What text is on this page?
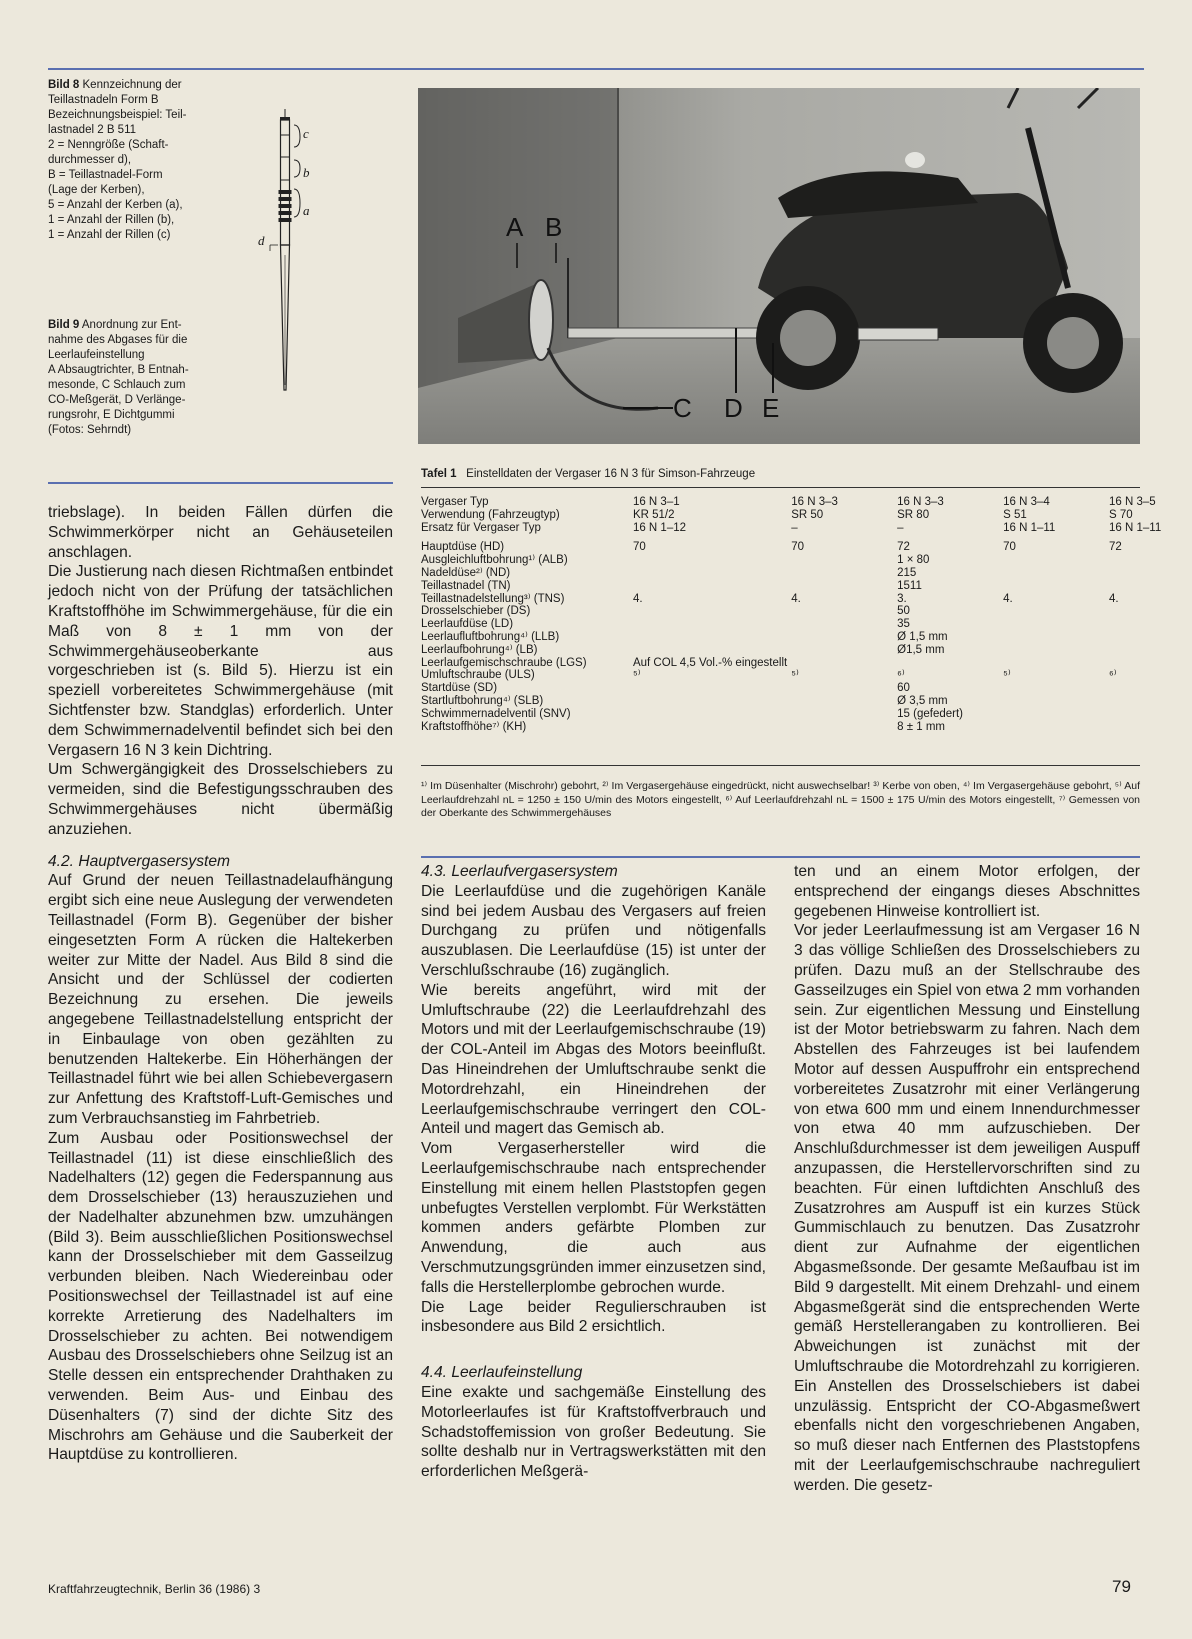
Bild 8 Kennzeichnung der
Teillastnadeln Form B
Bezeichnungsbeispiel: Teil-
lastnadel 2 B 511
2 = Nenngröße (Schaft-
durchmesser d),
B = Teillastnadel-Form
(Lage der Kerben),
5 = Anzahl der Kerben (a),
1 = Anzahl der Rillen (b),
1 = Anzahl der Rillen (c)
c
b
a
d
Bild 9 Anordnung zur Ent-
nahme des Abgases für die
Leerlaufeinstellung
A Absaugtrichter, B Entnah-
mesonde, C Schlauch zum
CO-Meßgerät, D Verlänge-
rungsrohr, E Dichtgummi
(Fotos: Sehrndt)
A B
C D E
Tafel 1 Einstelldaten der Vergaser 16 N 3 für Simson-Fahrzeuge
Vergaser Typ	16 N 3–1	16 N 3–3	16 N 3–3	16 N 3–4	16 N 3–5
Verwendung (Fahrzeugtyp)	KR 51/2	SR 50	SR 80	S 51	S 70
Ersatz für Vergaser Typ	16 N 1–12	–	–	16 N 1–11	16 N 1–11

Hauptdüse (HD)	70	70	72	70	72
Ausgleichluftbohrung¹⁾ (ALB)			1 × 80		
Nadeldüse²⁾ (ND)			215		
Teillastnadel (TN)			1511		
Teillastnadelstellung³⁾ (TNS)	4.	4.	3.	4.	4.
Drosselschieber (DS)			50		
Leerlaufdüse (LD)			35		
Leerlaufluftbohrung⁴⁾ (LLB)			Ø 1,5 mm		
Leerlaufbohrung⁴⁾ (LB)			Ø1,5 mm		
Leerlaufgemischschraube (LGS)	Auf COL 4,5 Vol.-% eingestellt				
Umluftschraube (ULS)	⁵⁾	⁵⁾	⁶⁾	⁵⁾	⁶⁾
Startdüse (SD)			60		
Startluftbohrung⁴⁾ (SLB)			Ø 3,5 mm		
Schwimmernadelventil (SNV)			15 (gefedert)		
Kraftstoffhöhe⁷⁾ (KH)			8 ± 1 mm		
¹⁾ Im Düsenhalter (Mischrohr) gebohrt, ²⁾ Im Vergasergehäuse eingedrückt, nicht auswechselbar! ³⁾ Kerbe von oben, ⁴⁾ Im Vergasergehäuse gebohrt, ⁵⁾ Auf Leerlaufdrehzahl nL = 1250 ± 150 U/min des Motors eingestellt, ⁶⁾ Auf Leerlaufdrehzahl nL = 1500 ± 175 U/min des Motors eingestellt, ⁷⁾ Gemessen von der Oberkante des Schwimmergehäuses

triebslage). In beiden Fällen dürfen die Schwimmerkörper nicht an Gehäuseteilen anschlagen.

Die Justierung nach diesen Richtmaßen entbindet jedoch nicht von der Prüfung der tatsächlichen Kraftstoffhöhe im Schwimmergehäuse, für die ein Maß von 8 ± 1 mm von der Schwimmergehäuseoberkante aus vorgeschrieben ist (s. Bild 5). Hierzu ist ein speziell vorbereitetes Schwimmergehäuse (mit Sichtfenster bzw. Standglas) erforderlich. Unter dem Schwimmernadelventil befindet sich bei den Vergasern 16 N 3 kein Dichtring.

Um Schwergängigkeit des Drosselschiebers zu vermeiden, sind die Befestigungsschrauben des Schwimmergehäuses nicht übermäßig anzuziehen.

4.2. Hauptvergasersystem

Auf Grund der neuen Teillastnadelaufhängung ergibt sich eine neue Auslegung der verwendeten Teillastnadel (Form B). Gegenüber der bisher eingesetzten Form A rücken die Haltekerben weiter zur Mitte der Nadel. Aus Bild 8 sind die Ansicht und der Schlüssel der codierten Bezeichnung zu ersehen. Die jeweils angegebene Teillastnadelstellung entspricht der in Einbaulage von oben gezählten zu benutzenden Haltekerbe. Ein Höherhängen der Teillastnadel führt wie bei allen Schiebevergasern zur Anfettung des Kraftstoff-Luft-Gemisches und zum Verbrauchsanstieg im Fahrbetrieb.

Zum Ausbau oder Positionswechsel der Teillastnadel (11) ist diese einschließlich des Nadelhalters (12) gegen die Federspannung aus dem Drosselschieber (13) herauszuziehen und der Nadelhalter abzunehmen bzw. umzuhängen (Bild 3). Beim ausschließlichen Positionswechsel kann der Drosselschieber mit dem Gasseilzug verbunden bleiben. Nach Wiedereinbau oder Positionswechsel der Teillastnadel ist auf eine korrekte Arretierung des Nadelhalters im Drosselschieber zu achten. Bei notwendigem Ausbau des Drosselschiebers ohne Seilzug ist an Stelle dessen ein entsprechender Drahthaken zu verwenden. Beim Aus- und Einbau des Düsenhalters (7) sind der dichte Sitz des Mischrohrs am Gehäuse und die Sauberkeit der Hauptdüse zu kontrollieren.

4.3. Leerlaufvergasersystem

Die Leerlaufdüse und die zugehörigen Kanäle sind bei jedem Ausbau des Vergasers auf freien Durchgang zu prüfen und nötigenfalls auszublasen. Die Leerlaufdüse (15) ist unter der Verschlußschraube (16) zugänglich.

Wie bereits angeführt, wird mit der Umluftschraube (22) die Leerlaufdrehzahl des Motors und mit der Leerlaufgemischschraube (19) der COL-Anteil im Abgas des Motors beeinflußt. Das Hineindrehen der Umluftschraube senkt die Motordrehzahl, ein Hineindrehen der Leerlaufgemischschraube verringert den COL-Anteil und magert das Gemisch ab.

Vom Vergaserhersteller wird die Leerlaufgemischschraube nach entsprechender Einstellung mit einem hellen Plaststopfen gegen unbefugtes Verstellen verplombt. Für Werkstätten kommen anders gefärbte Plomben zur Anwendung, die auch aus Verschmutzungsgründen immer einzusetzen sind, falls die Herstellerplombe gebrochen wurde.

Die Lage beider Regulierschrauben ist insbesondere aus Bild 2 ersichtlich.

4.4. Leerlaufeinstellung

Eine exakte und sachgemäße Einstellung des Motorleerlaufes ist für Kraftstoffverbrauch und Schadstoffemission von großer Bedeutung. Sie sollte deshalb nur in Vertragswerkstätten mit den erforderlichen Meßgerä-

ten und an einem Motor erfolgen, der entsprechend der eingangs dieses Abschnittes gegebenen Hinweise kontrolliert ist.

Vor jeder Leerlaufmessung ist am Vergaser 16 N 3 das völlige Schließen des Drosselschiebers zu prüfen. Dazu muß an der Stellschraube des Gasseilzuges ein Spiel von etwa 2 mm vorhanden sein. Zur eigentlichen Messung und Einstellung ist der Motor betriebswarm zu fahren. Nach dem Abstellen des Fahrzeuges ist bei laufendem Motor auf dessen Auspuffrohr ein entsprechend vorbereitetes Zusatzrohr mit einer Verlängerung von etwa 600 mm und einem Innendurchmesser von etwa 40 mm aufzuschieben. Der Anschlußdurchmesser ist dem jeweiligen Auspuff anzupassen, die Herstellervorschriften sind zu beachten. Für einen luftdichten Anschluß des Zusatzrohres am Auspuff ist ein kurzes Stück Gummischlauch zu benutzen. Das Zusatzrohr dient zur Aufnahme der eigentlichen Abgasmeßsonde. Der gesamte Meßaufbau ist im Bild 9 dargestellt. Mit einem Drehzahl- und einem Abgasmeßgerät sind die entsprechenden Werte gemäß Herstellerangaben zu kontrollieren. Bei Abweichungen ist zunächst mit der Umluftschraube die Motordrehzahl zu korrigieren. Ein Anstellen des Drosselschiebers ist dabei unzulässig. Entspricht der CO-Abgasmeßwert ebenfalls nicht den vorgeschriebenen Angaben, so muß dieser nach Entfernen des Plaststopfens mit der Leerlaufgemischschraube nachreguliert werden. Die gesetz-

Kraftfahrzeugtechnik, Berlin 36 (1986) 3	79
